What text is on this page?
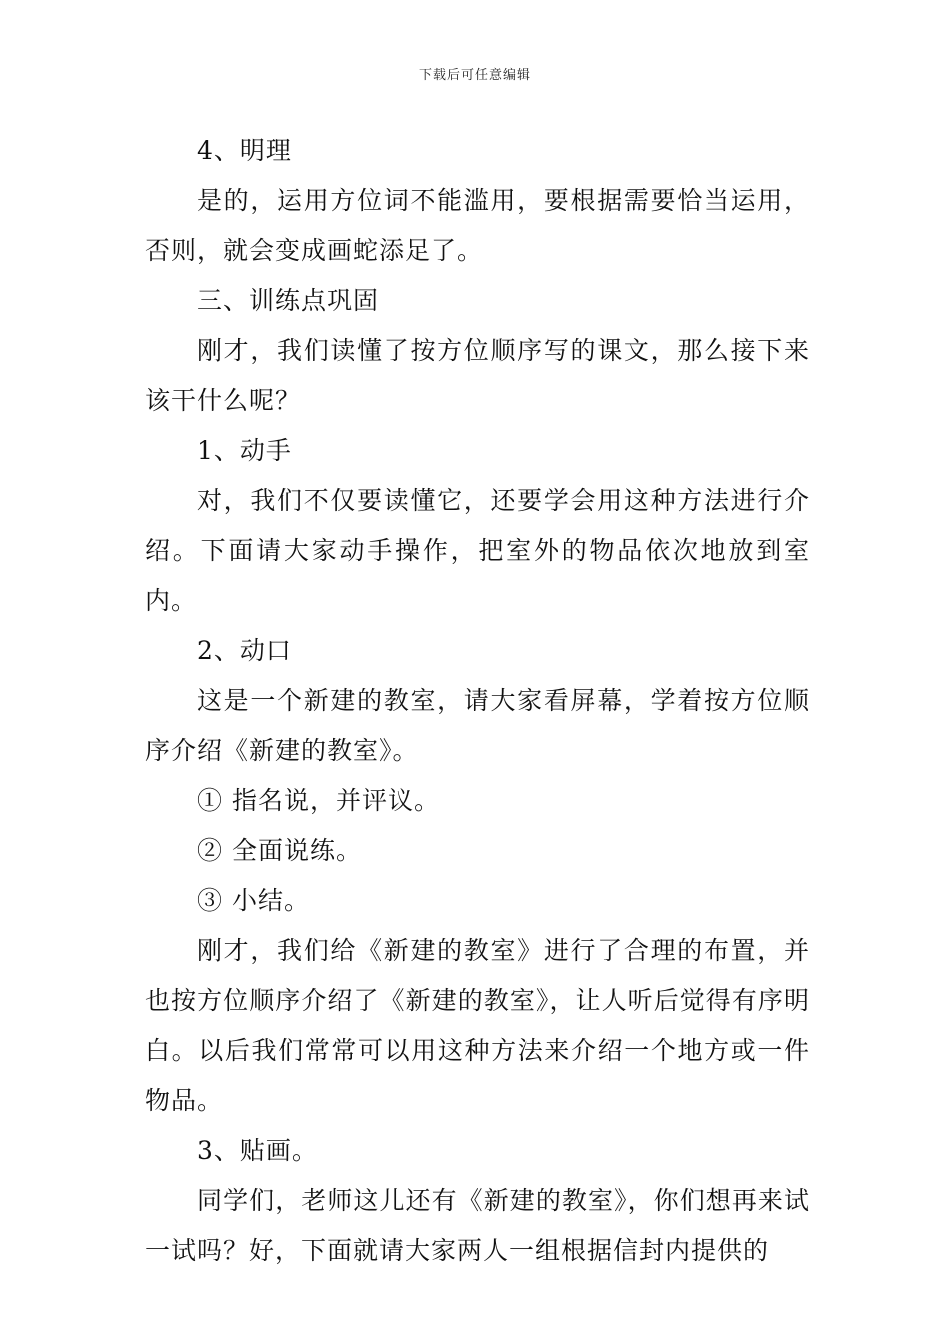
下载后可任意编辑

4、明理

是的，运用方位词不能滥用，要根据需要恰当运用，否则，就会变成画蛇添足了。

三、训练点巩固

刚才，我们读懂了按方位顺序写的课文，那么接下来该干什么呢？

1、动手

对，我们不仅要读懂它，还要学会用这种方法进行介绍。下面请大家动手操作，把室外的物品依次地放到室内。

2、动口

这是一个新建的教室，请大家看屏幕，学着按方位顺序介绍《新建的教室》。

① 指名说，并评议。

② 全面说练。

③ 小结。

刚才，我们给《新建的教室》进行了合理的布置，并也按方位顺序介绍了《新建的教室》，让人听后觉得有序明白。以后我们常常可以用这种方法来介绍一个地方或一件物品。

3、贴画。

同学们，老师这儿还有《新建的教室》，你们想再来试一试吗？好，下面就请大家两人一组根据信封内提供的
